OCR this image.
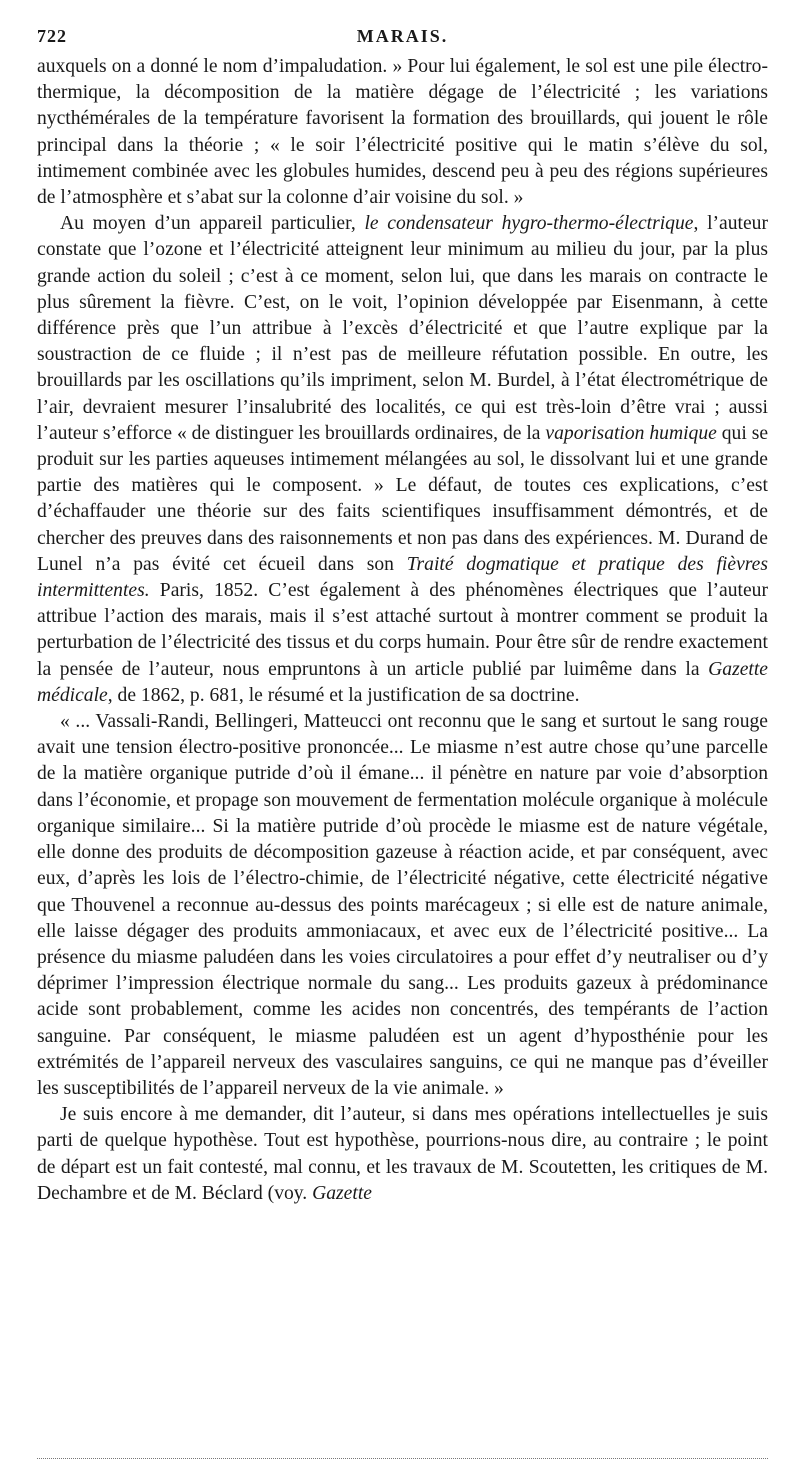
722	MARAIS.

auxquels on a donné le nom d’impaludation. » Pour lui également, le sol est une pile électro-thermique, la décomposition de la matière dégage de l’électricité ; les variations nycthémérales de la température favorisent la formation des brouillards, qui jouent le rôle principal dans la théorie ; « le soir l’électricité positive qui le matin s’élève du sol, intimement combinée avec les globules humides, descend peu à peu des régions supérieures de l’atmosphère et s’abat sur la colonne d’air voisine du sol. »

Au moyen d’un appareil particulier, le condensateur hygro-thermo-électrique, l’auteur constate que l’ozone et l’électricité atteignent leur minimum au milieu du jour, par la plus grande action du soleil ; c’est à ce moment, selon lui, que dans les marais on contracte le plus sûrement la fièvre. C’est, on le voit, l’opinion développée par Eisenmann, à cette différence près que l’un attribue à l’excès d’électricité et que l’autre explique par la soustraction de ce fluide ; il n’est pas de meilleure réfutation possible. En outre, les brouillards par les oscillations qu’ils impriment, selon M. Burdel, à l’état électrométrique de l’air, devraient mesurer l’insalubrité des localités, ce qui est très-loin d’être vrai ; aussi l’auteur s’efforce « de distinguer les brouillards ordinaires, de la vaporisation humique qui se produit sur les parties aqueuses intimement mélangées au sol, le dissolvant lui et une grande partie des matières qui le composent. » Le défaut, de toutes ces explications, c’est d’échaffauder une théorie sur des faits scientifiques insuffisamment démontrés, et de chercher des preuves dans des raisonnements et non pas dans des expériences. M. Durand de Lunel n’a pas évité cet écueil dans son Traité dogmatique et pratique des fièvres intermittentes. Paris, 1852. C’est également à des phénomènes électriques que l’auteur attribue l’action des marais, mais il s’est attaché surtout à montrer comment se produit la perturbation de l’électricité des tissus et du corps humain. Pour être sûr de rendre exactement la pensée de l’auteur, nous empruntons à un article publié par luimême dans la Gazette médicale, de 1862, p. 681, le résumé et la justification de sa doctrine.

« ... Vassali-Randi, Bellingeri, Matteucci ont reconnu que le sang et surtout le sang rouge avait une tension électro-positive prononcée... Le miasme n’est autre chose qu’une parcelle de la matière organique putride d’où il émane... il pénètre en nature par voie d’absorption dans l’économie, et propage son mouvement de fermentation molécule organique à molécule organique similaire... Si la matière putride d’où procède le miasme est de nature végétale, elle donne des produits de décomposition gazeuse à réaction acide, et par conséquent, avec eux, d’après les lois de l’électro-chimie, de l’électricité négative, cette électricité négative que Thouvenel a reconnue au-dessus des points marécageux ; si elle est de nature animale, elle laisse dégager des produits ammoniacaux, et avec eux de l’électricité positive... La présence du miasme paludéen dans les voies circulatoires a pour effet d’y neutraliser ou d’y déprimer l’impression électrique normale du sang... Les produits gazeux à prédominance acide sont probablement, comme les acides non concentrés, des tempérants de l’action sanguine. Par conséquent, le miasme paludéen est un agent d’hyposthénie pour les extrémités de l’appareil nerveux des vasculaires sanguins, ce qui ne manque pas d’éveiller les susceptibilités de l’appareil nerveux de la vie animale. »

Je suis encore à me demander, dit l’auteur, si dans mes opérations intellectuelles je suis parti de quelque hypothèse. Tout est hypothèse, pourrions-nous dire, au contraire ; le point de départ est un fait contesté, mal connu, et les travaux de M. Scoutetten, les critiques de M. Dechambre et de M. Béclard (voy. Gazette
